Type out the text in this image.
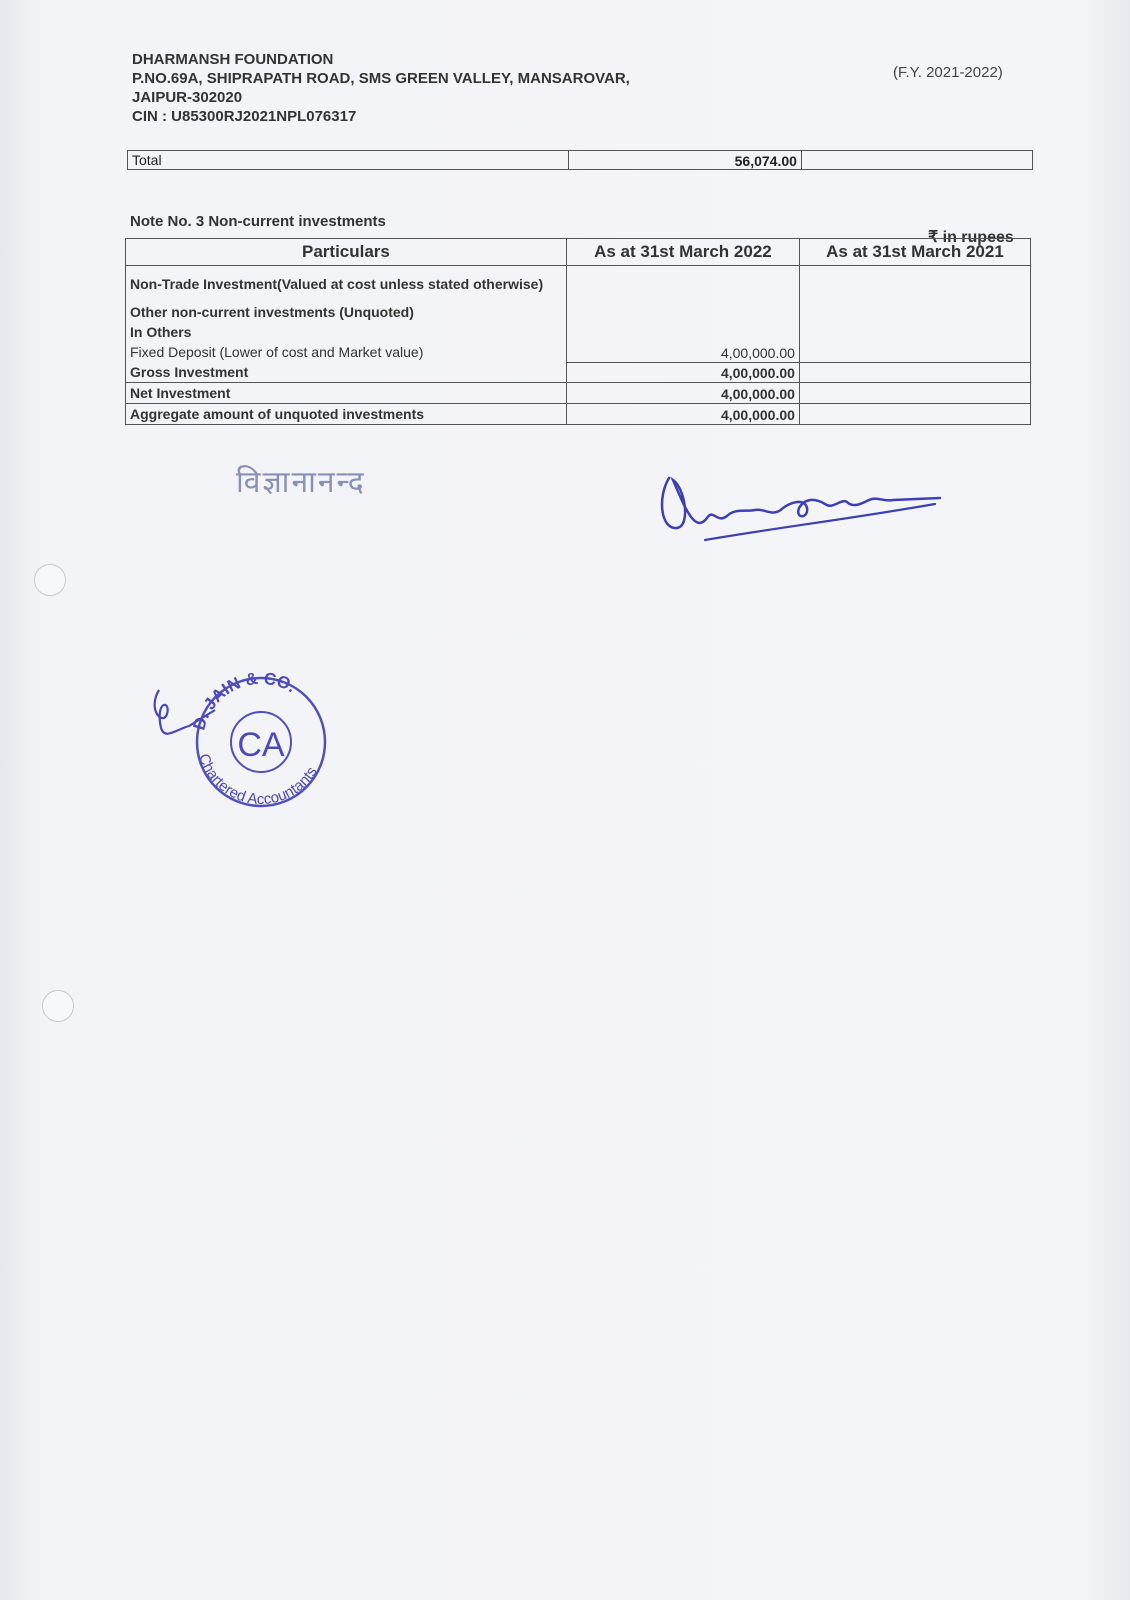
DHARMANSH FOUNDATION
P.NO.69A, SHIPRAPATH ROAD, SMS GREEN VALLEY, MANSAROVAR,
JAIPUR-302020
CIN : U85300RJ2021NPL076317
(F.Y. 2021-2022)
Total	56,074.00	
Note No. 3 Non-current investments
₹ in rupees
Particulars	As at 31st March 2022	As at 31st March 2021
Non-Trade Investment(Valued at cost unless stated otherwise)		
Other non-current investments (Unquoted)		
In Others		
Fixed Deposit (Lower of cost and Market value)	4,00,000.00	
Gross Investment	4,00,000.00	
Net Investment	4,00,000.00	
Aggregate amount of unquoted investments	4,00,000.00	
विज्ञानानन्द
D. JAIN & CO.
Chartered Accountants
CA
